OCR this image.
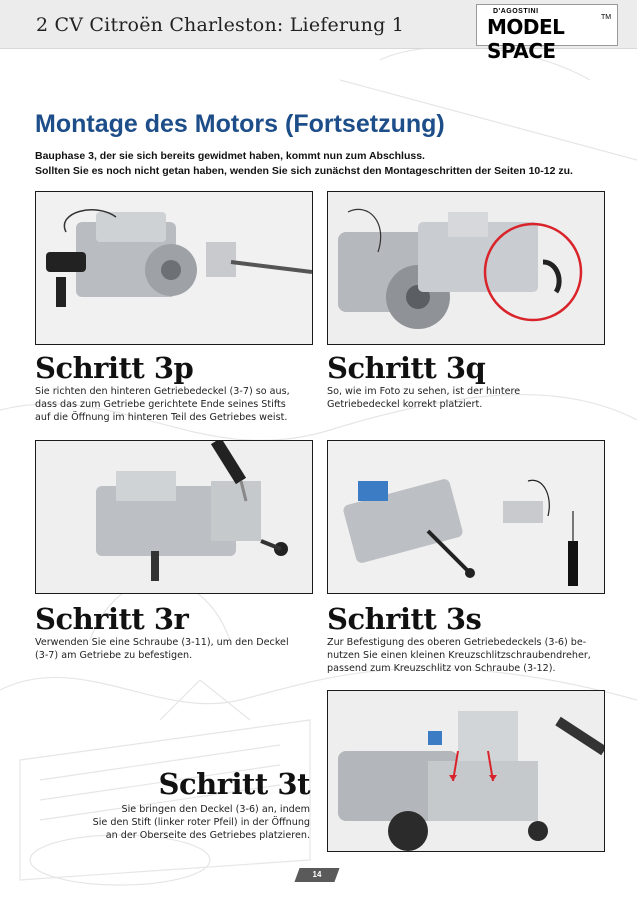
2 CV Citroën Charleston: Lieferung 1
D'AGOSTINI
MODEL SPACE
TM
Montage des Motors (Fortsetzung)
Bauphase 3, der sie sich bereits gewidmet haben, kommt nun zum Abschluss.
Sollten Sie es noch nicht getan haben, wenden Sie sich zunächst den Montageschritten der Seiten 10-12 zu.
Schritt 3p
Sie richten den hinteren Getriebedeckel (3-7) so aus,
dass das zum Getriebe gerichtete Ende seines Stifts
auf die Öffnung im hinteren Teil des Getriebes weist.
Schritt 3q
So, wie im Foto zu sehen, ist der hintere
Getriebedeckel korrekt platziert.
Schritt 3r
Verwenden Sie eine Schraube (3-11), um den Deckel
(3-7) am Getriebe zu befestigen.
Schritt 3s
Zur Befestigung des oberen Getriebedeckels (3-6) be-
nutzen Sie einen kleinen Kreuzschlitzschraubendreher,
passend zum Kreuzschlitz von Schraube (3-12).
Schritt 3t
Sie bringen den Deckel (3-6) an, indem
Sie den Stift (linker roter Pfeil) in der Öffnung
an der Oberseite des Getriebes platzieren.
14
